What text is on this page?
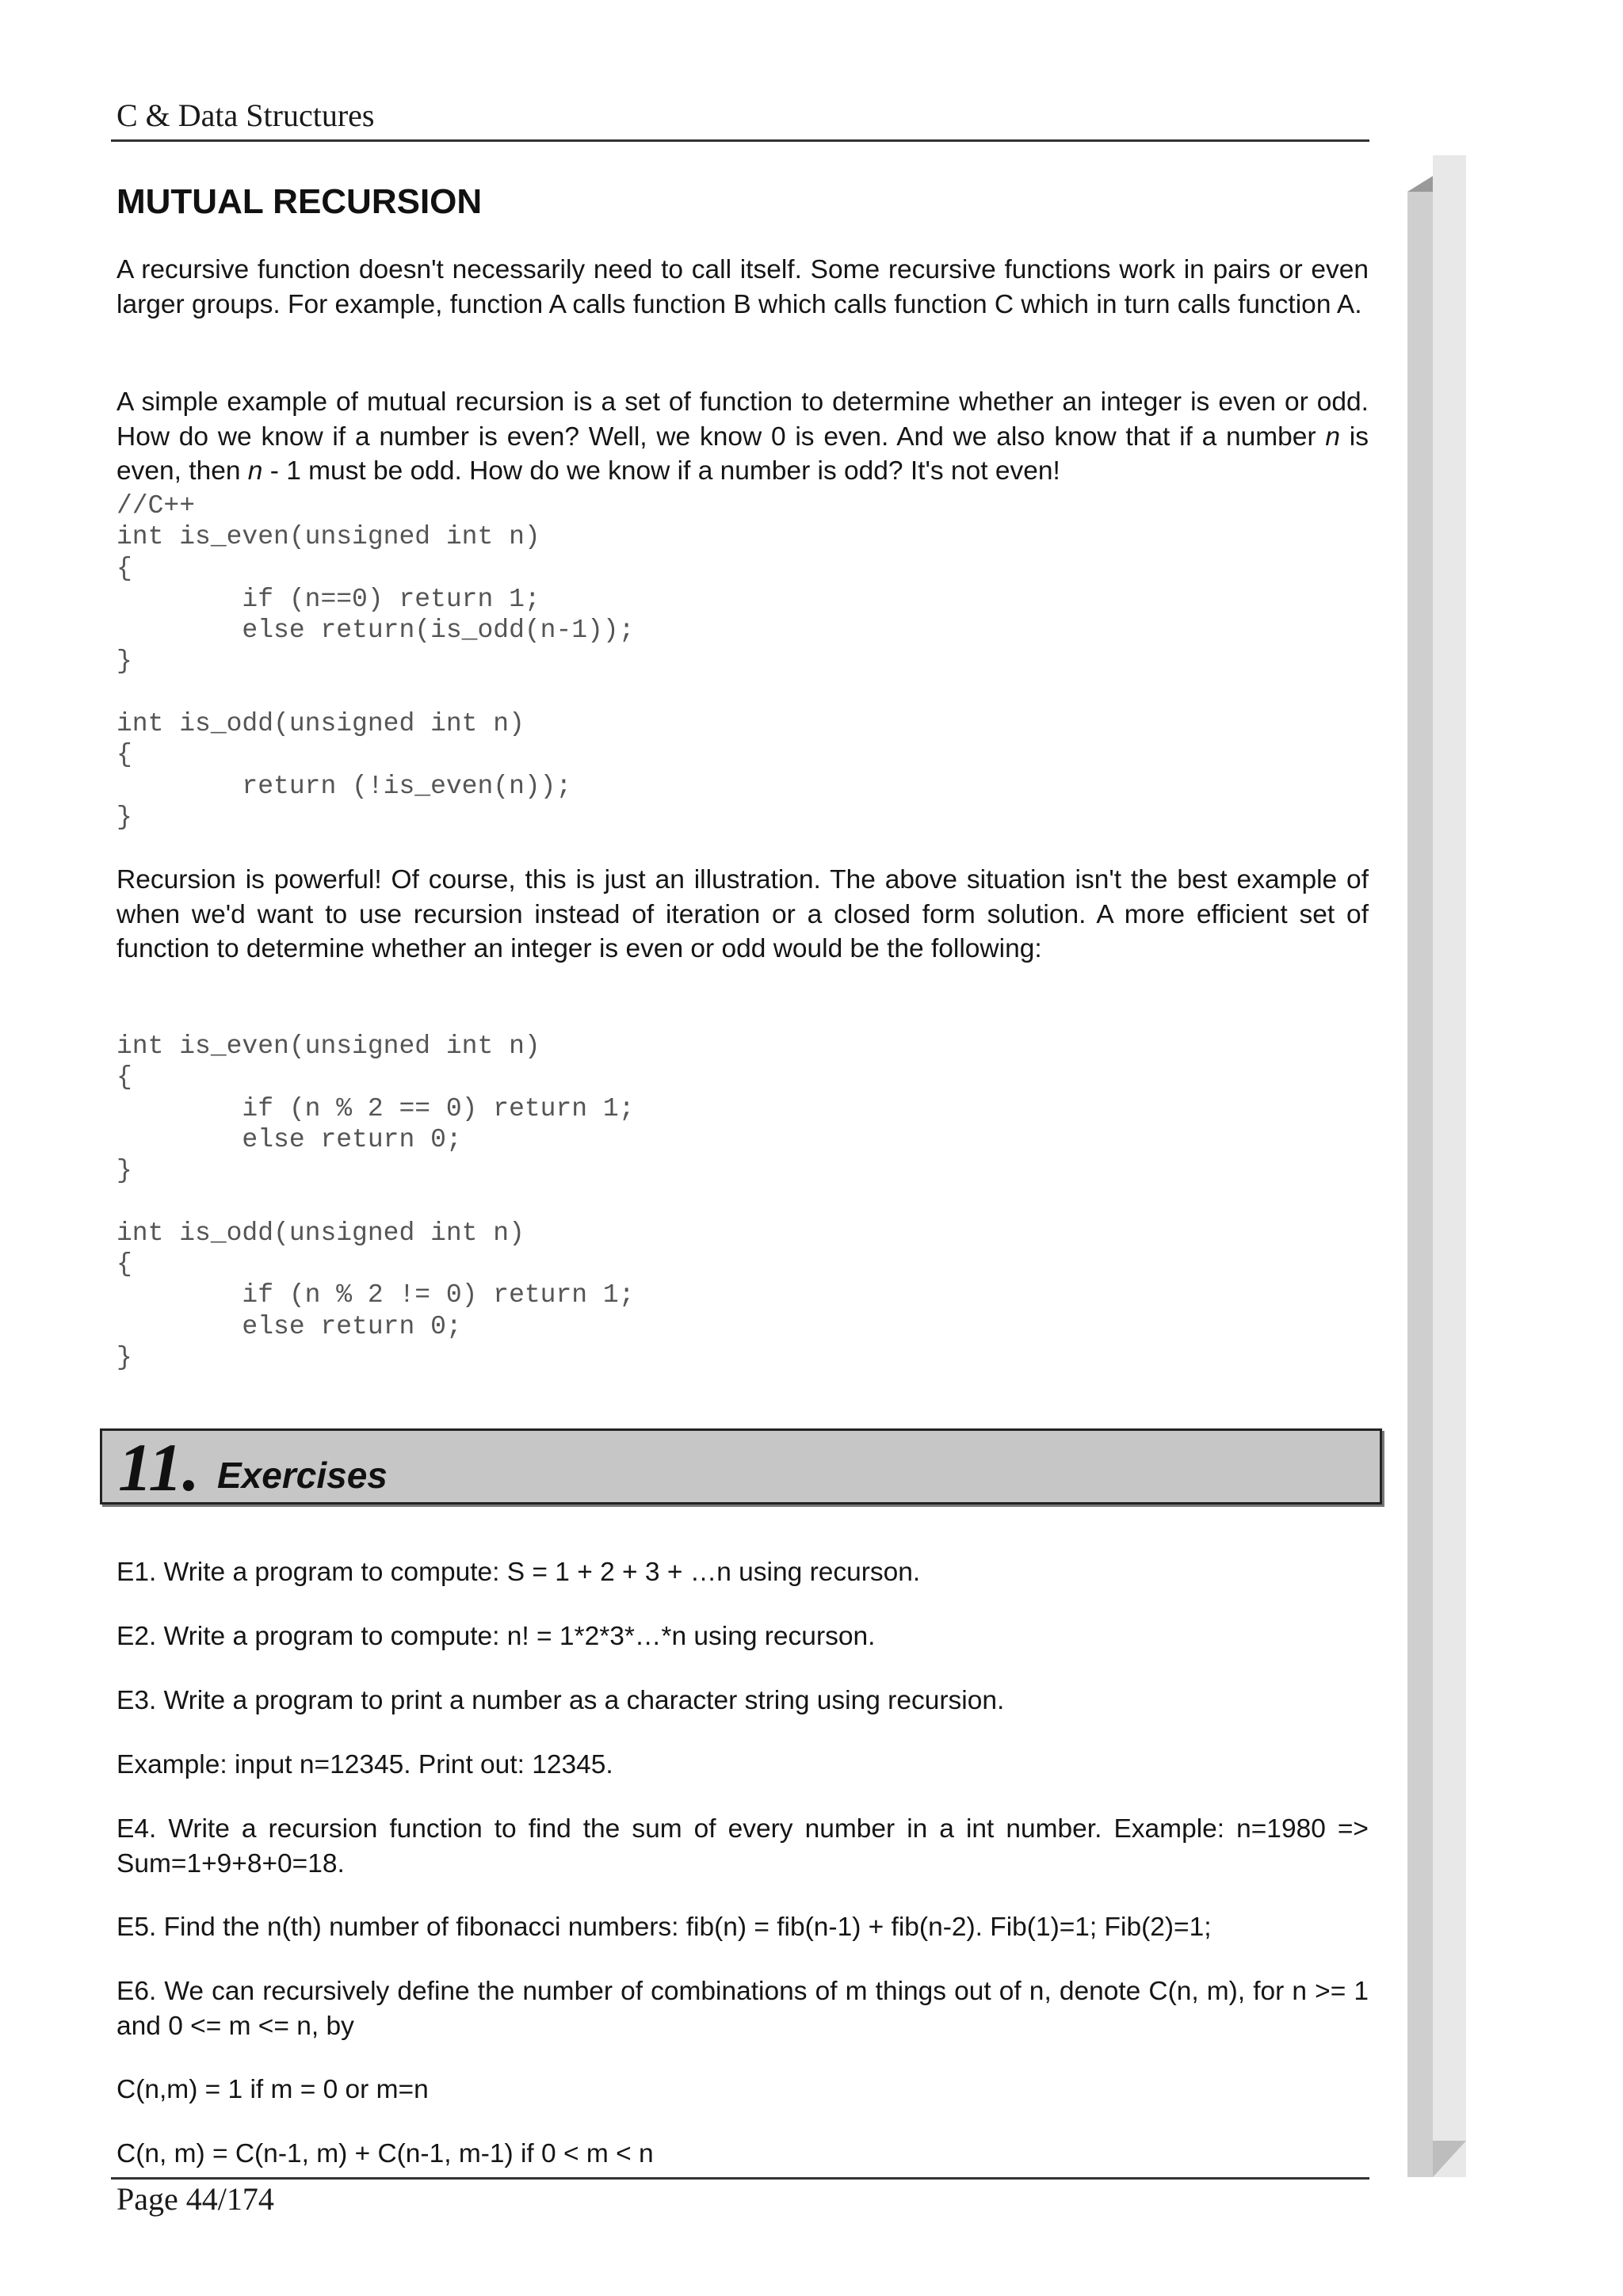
C & Data Structures
MUTUAL RECURSION

A recursive function doesn't necessarily need to call itself. Some recursive functions work in pairs or even larger groups. For example, function A calls function B which calls function C which in turn calls function A.

A simple example of mutual recursion is a set of function to determine whether an integer is even or odd. How do we know if a number is even? Well, we know 0 is even. And we also know that if a number n is even, then n - 1 must be odd. How do we know if a number is odd? It's not even!

//C++
int is_even(unsigned int n)
{
if (n==0) return 1;
else return(is_odd(n-1));
}

int is_odd(unsigned int n)
{
return (!is_even(n));
}

Recursion is powerful! Of course, this is just an illustration. The above situation isn't the best example of when we'd want to use recursion instead of iteration or a closed form solution. A more efficient set of function to determine whether an integer is even or odd would be the following:

int is_even(unsigned int n)
{
if (n % 2 == 0) return 1;
else return 0;
}

int is_odd(unsigned int n)
{
if (n % 2 != 0) return 1;
else return 0;
}
11. Exercises

E1. Write a program to compute: S = 1 + 2 + 3 + …n using recurson.

E2. Write a program to compute: n! = 1*2*3*…*n using recurson.

E3. Write a program to print a number as a character string using recursion.

Example: input n=12345. Print out: 12345.

E4. Write a recursion function to find the sum of every number in a int number. Example: n=1980 => Sum=1+9+8+0=18.

E5. Find the n(th) number of fibonacci numbers: fib(n) = fib(n-1) + fib(n-2). Fib(1)=1; Fib(2)=1;

E6. We can recursively define the number of combinations of m things out of n, denote C(n, m), for n >= 1 and 0 <= m <= n, by

C(n,m) = 1 if m = 0 or m=n

C(n, m) = C(n-1, m) + C(n-1, m-1) if 0 < m < n

Page 44/174
